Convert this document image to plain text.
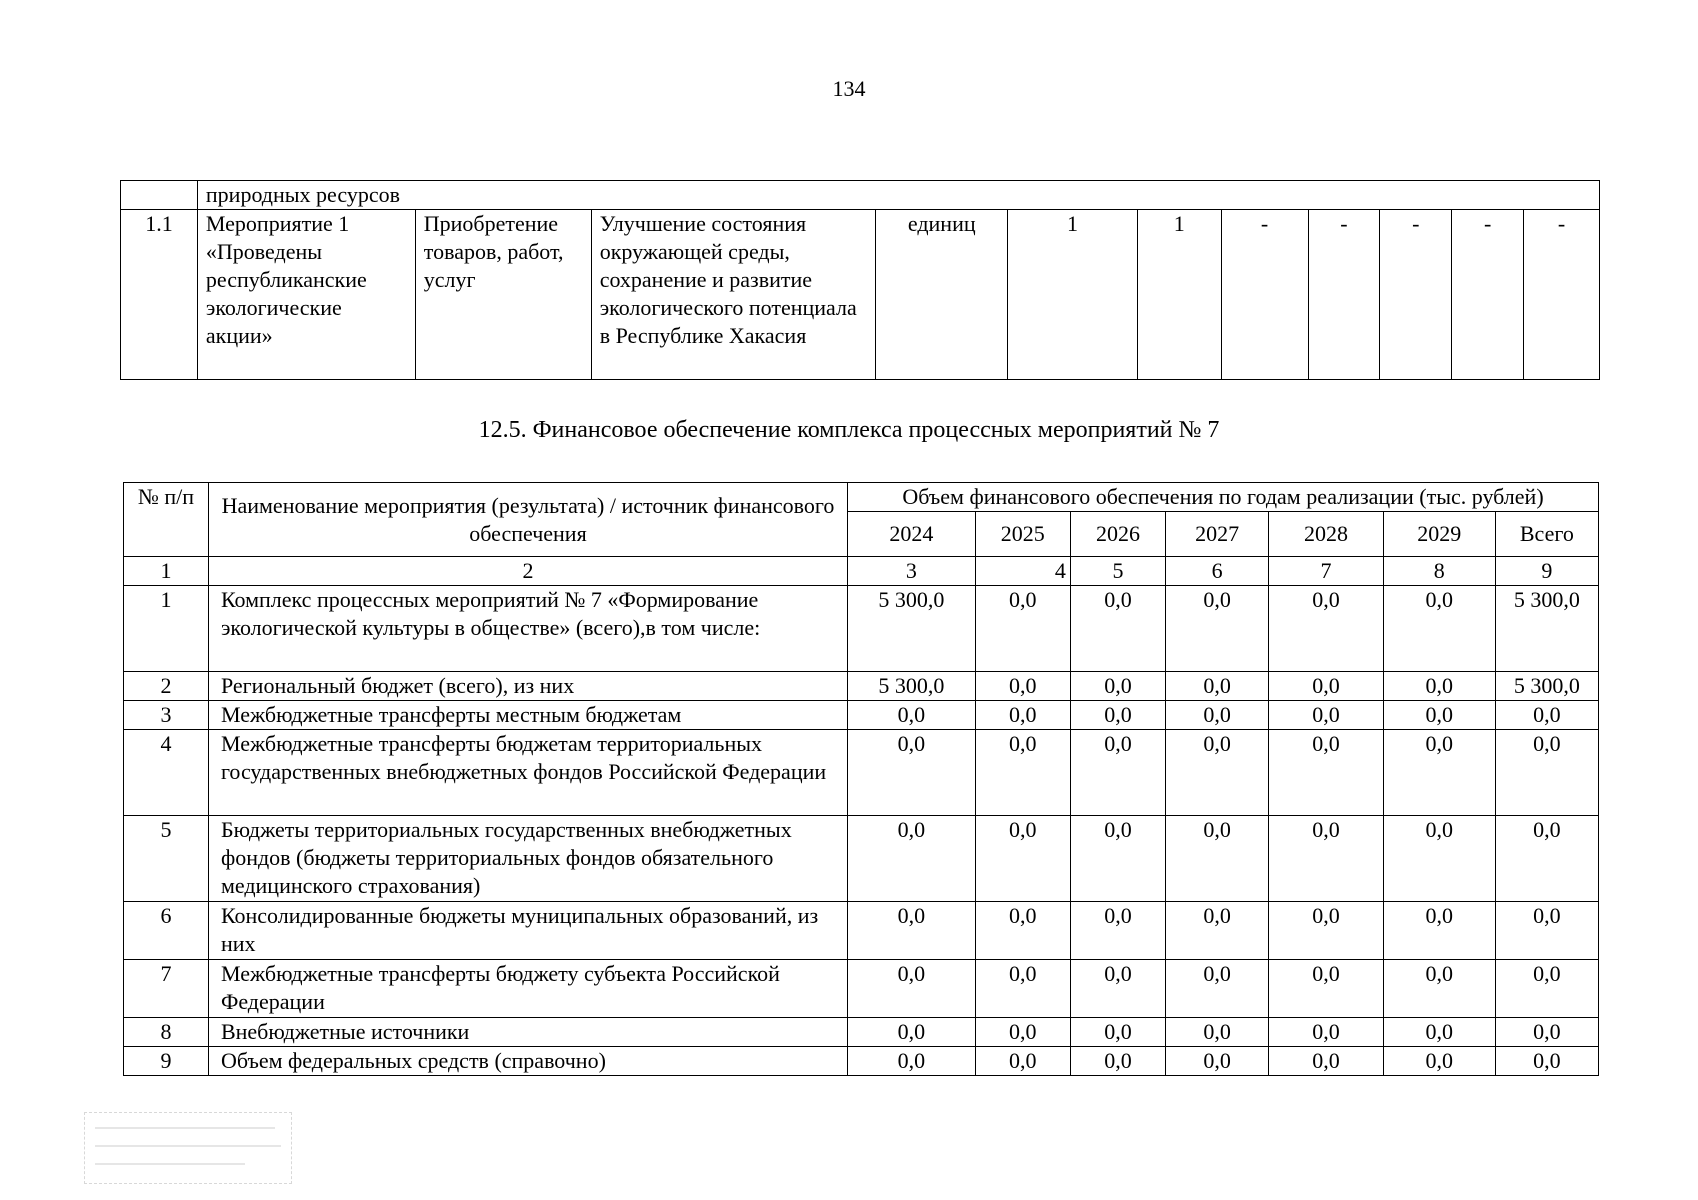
134
	природных ресурсов										
1.1	Мероприятие 1 «Проведены республиканские экологические акции»	Приобретение товаров, работ, услуг	Улучшение состояния окружающей среды, сохранение и развитие экологического потенциала в Республике Хакасия	единиц	1	1	-	-	-	-	-
12.5. Финансовое обеспечение комплекса процессных мероприятий № 7
№ п/п	Наименование мероприятия (результата) / источник финансового обеспечения	Объем финансового обеспечения по годам реализации (тыс. рублей)						
		2024	2025	2026	2027	2028	2029	Всего
1	2	3	4	5	6	7	8	9
1	Комплекс процессных мероприятий № 7 «Формирование экологической культуры в обществе» (всего),в том числе:	5 300,0	0,0	0,0	0,0	0,0	0,0	5 300,0
2	Региональный бюджет (всего), из них	5 300,0	0,0	0,0	0,0	0,0	0,0	5 300,0
3	Межбюджетные трансферты местным бюджетам	0,0	0,0	0,0	0,0	0,0	0,0	0,0
4	Межбюджетные трансферты бюджетам территориальных государственных внебюджетных фондов Российской Федерации	0,0	0,0	0,0	0,0	0,0	0,0	0,0
5	Бюджеты территориальных государственных внебюджетных фондов (бюджеты территориальных фондов обязательного медицинского страхования)	0,0	0,0	0,0	0,0	0,0	0,0	0,0
6	Консолидированные бюджеты муниципальных образований, из них	0,0	0,0	0,0	0,0	0,0	0,0	0,0
7	Межбюджетные трансферты бюджету субъекта Российской Федерации	0,0	0,0	0,0	0,0	0,0	0,0	0,0
8	Внебюджетные источники	0,0	0,0	0,0	0,0	0,0	0,0	0,0
9	Объем федеральных средств (справочно)	0,0	0,0	0,0	0,0	0,0	0,0	0,0
